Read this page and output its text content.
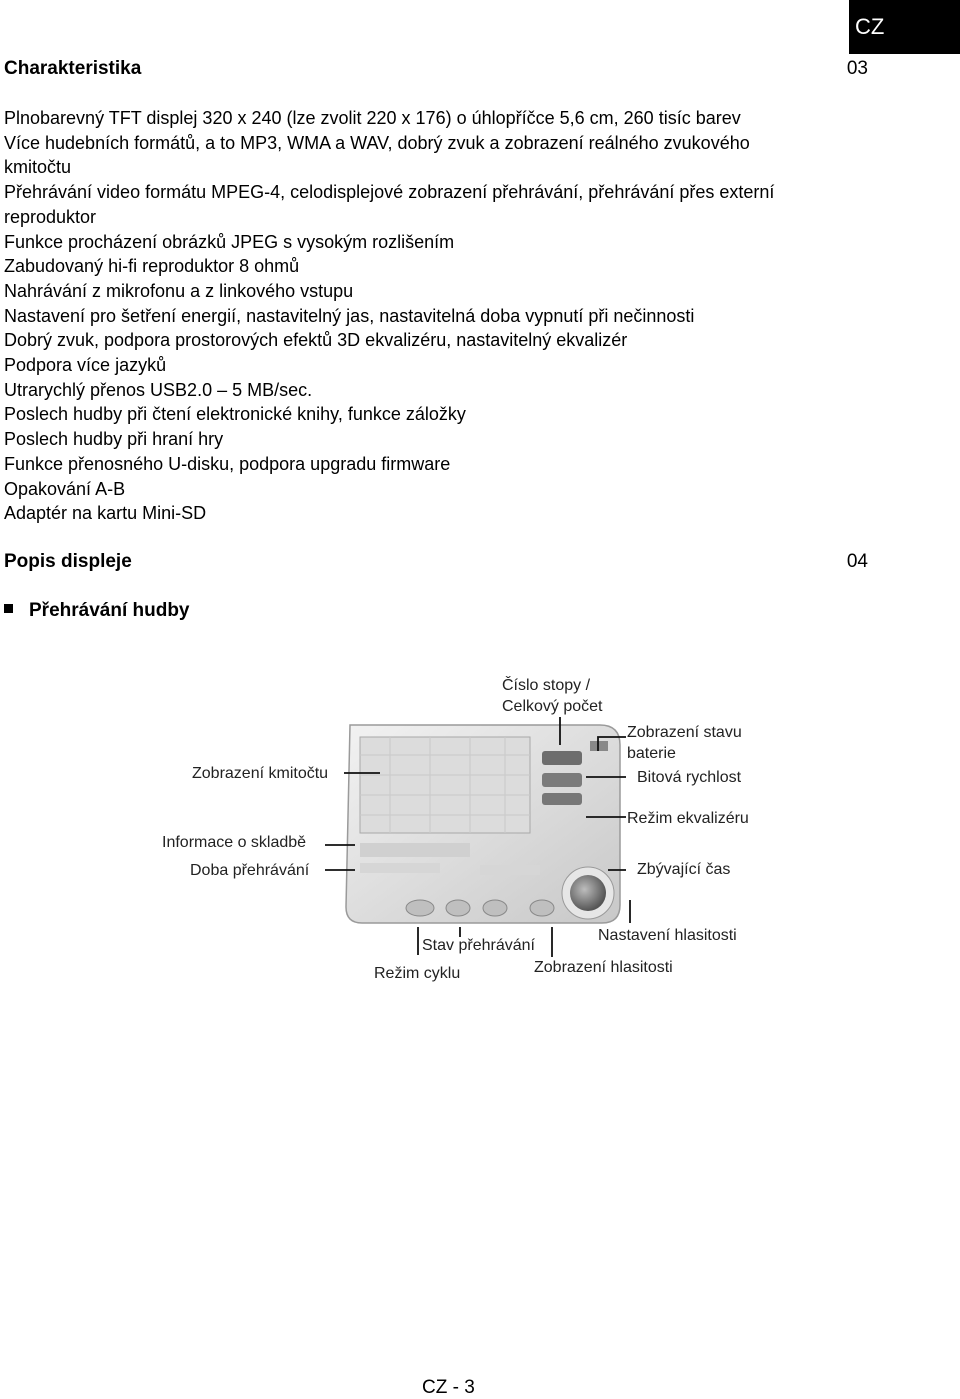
CZ
Charakteristika	03
Plnobarevný TFT displej 320 x 240 (lze zvolit 220 x 176) o úhlopříčce 5,6 cm, 260 tisíc barev
Více hudebních formátů, a to MP3, WMA a WAV, dobrý zvuk a zobrazení reálného zvukového
kmitočtu
Přehrávání video formátu MPEG-4, celodisplejové zobrazení přehrávání, přehrávání přes externí
reproduktor
Funkce procházení obrázků JPEG s vysokým rozlišením
Zabudovaný hi-fi reproduktor 8 ohmů
Nahrávání z mikrofonu a z linkového vstupu
Nastavení pro šetření energií, nastavitelný jas, nastavitelná doba vypnutí při nečinnosti
Dobrý zvuk, podpora prostorových efektů 3D ekvalizéru, nastavitelný ekvalizér
Podpora více jazyků
Utrarychlý přenos USB2.0 – 5 MB/sec.
Poslech hudby při čtení elektronické knihy, funkce záložky
Poslech hudby při hraní hry
Funkce přenosného U-disku, podpora upgradu firmware
Opakování A-B
Adaptér na kartu Mini-SD
Popis displeje	04
Přehrávání hudby
Číslo stopy /
Celkový počet
Zobrazení stavu
baterie
Zobrazení kmitočtu	Bitová rychlost
Režim ekvalizéru
Informace o skladbě
Doba přehrávání	Zbývající čas
Nastavení hlasitosti
Stav přehrávání
Režim cyklu	Zobrazení hlasitosti
CZ - 3
